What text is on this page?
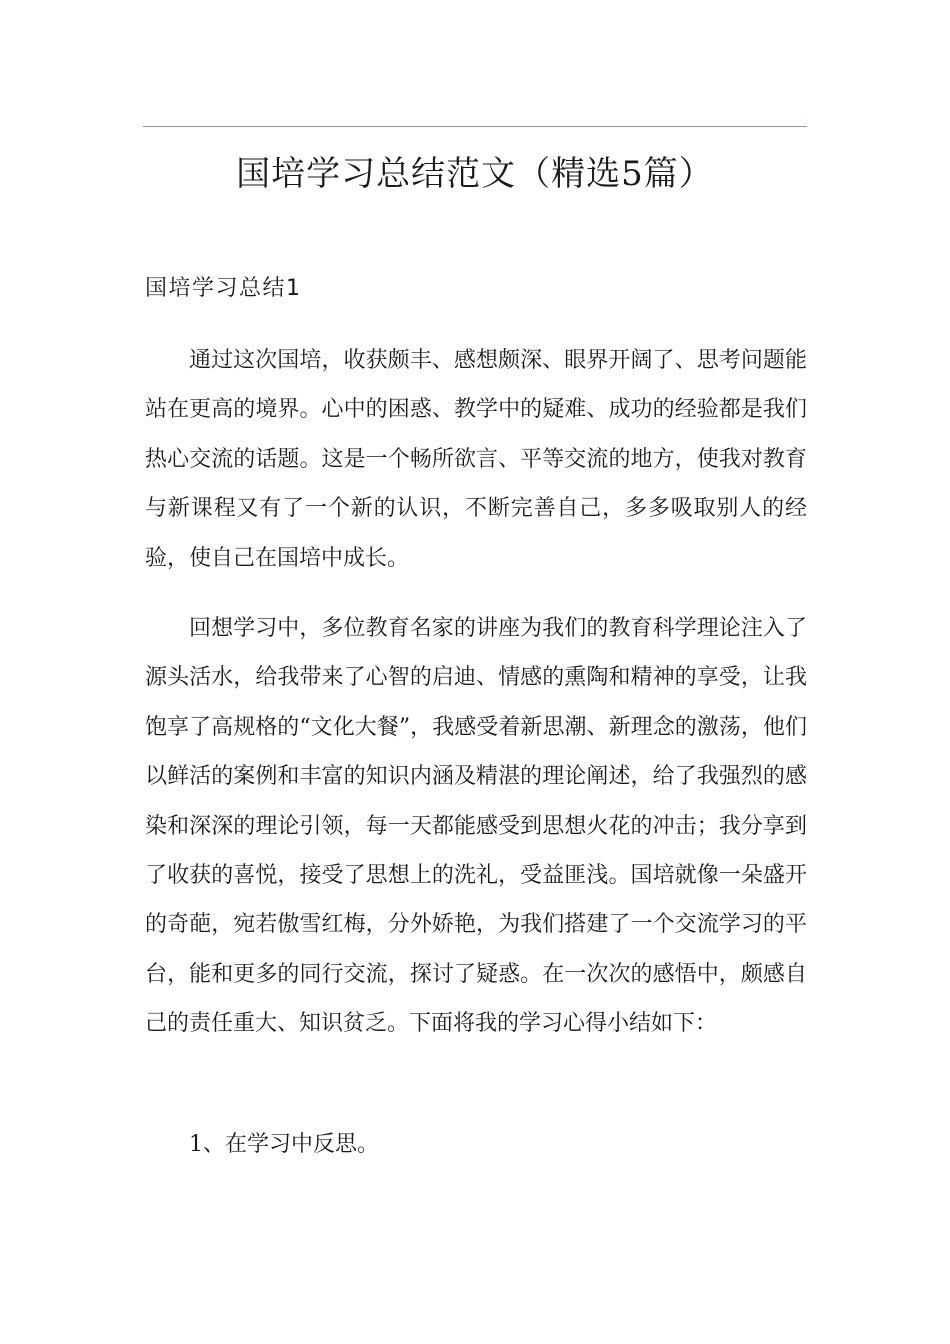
国培学习总结范文（精选5篇）
国培学习总结1

通过这次国培，收获颇丰、感想颇深、眼界开阔了、思考问题能站在更高的境界。心中的困惑、教学中的疑难、成功的经验都是我们热心交流的话题。这是一个畅所欲言、平等交流的地方，使我对教育与新课程又有了一个新的认识，不断完善自己，多多吸取别人的经验，使自己在国培中成长。

回想学习中，多位教育名家的讲座为我们的教育科学理论注入了源头活水，给我带来了心智的启迪、情感的熏陶和精神的享受，让我饱享了高规格的“文化大餐”，我感受着新思潮、新理念的激荡，他们以鲜活的案例和丰富的知识内涵及精湛的理论阐述，给了我强烈的感染和深深的理论引领，每一天都能感受到思想火花的冲击；我分享到了收获的喜悦，接受了思想上的洗礼，受益匪浅。国培就像一朵盛开的奇葩，宛若傲雪红梅，分外娇艳，为我们搭建了一个交流学习的平台，能和更多的同行交流，探讨了疑惑。在一次次的感悟中，颇感自己的责任重大、知识贫乏。下面将我的学习心得小结如下：

1、在学习中反思。
